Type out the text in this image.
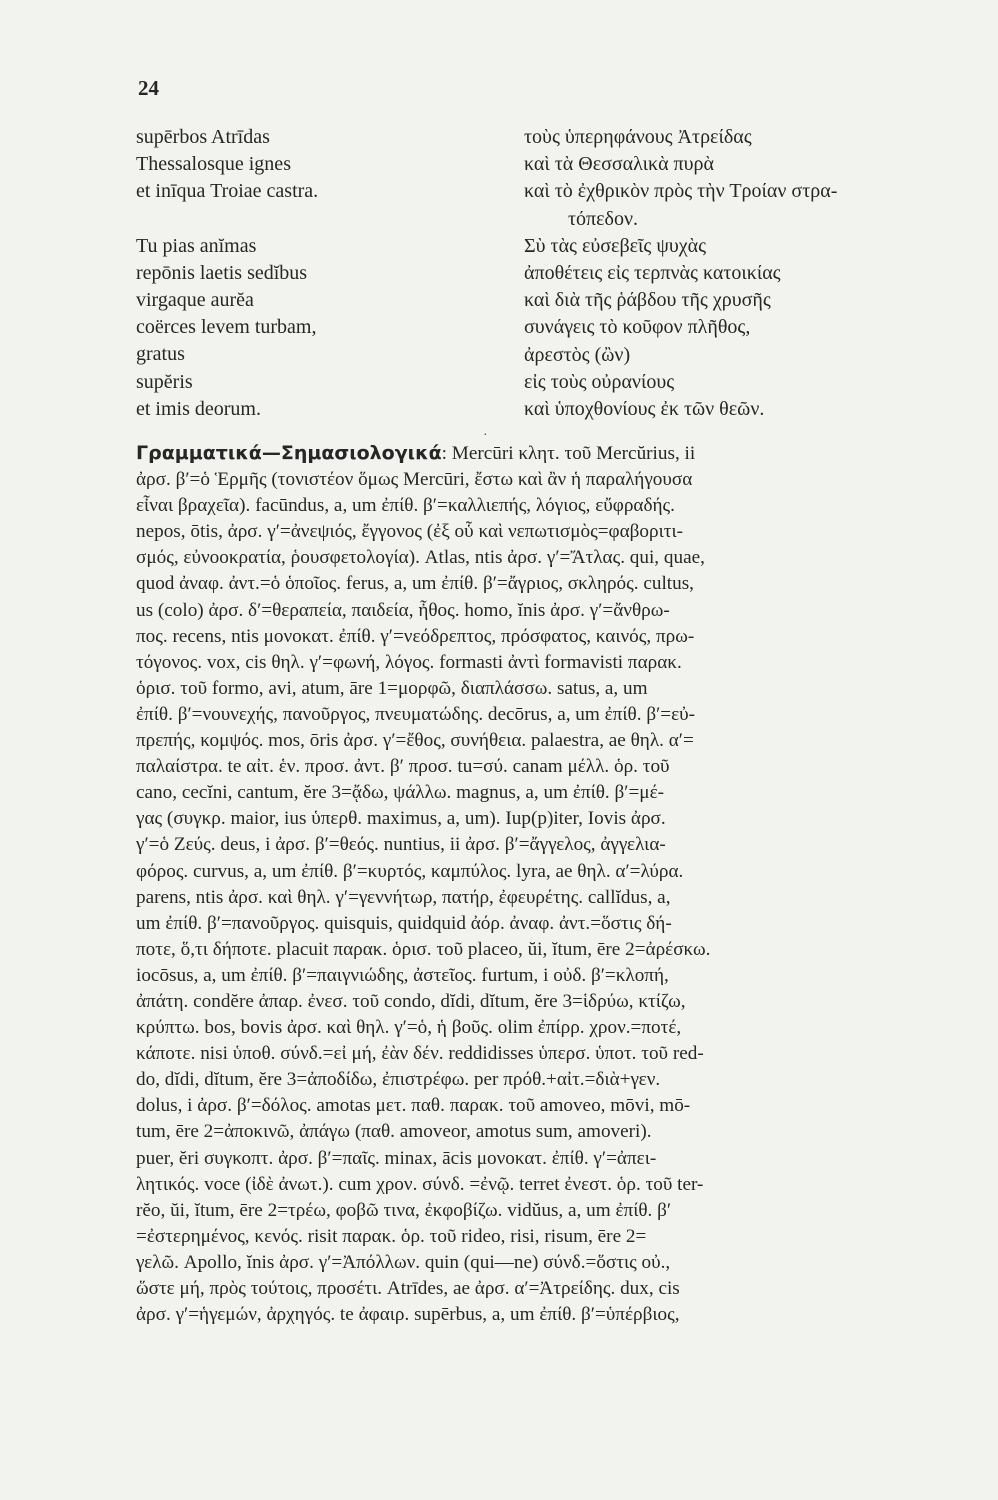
24
supērbos Atrīdas
Thessalosque ignes
et inīqua Troiae castra.
Tu pias anĭmas
repōnis laetis sedĭbus
virgaque aurĕa
coërces levem turbam,
gratus
supĕris
et imis deorum.
τοὺς ὑπερηφάνους Ἀτρείδας
καὶ τὰ Θεσσαλικὰ πυρὰ
καὶ τὸ ἐχθρικὸν πρὸς τὴν Τροίαν στρα-
τόπεδον.
Σὺ τὰς εὐσεβεῖς ψυχὰς
ἀποθέτεις εἰς τερπνὰς κατοικίας
καὶ διὰ τῆς ῥάβδου τῆς χρυσῆς
συνάγεις τὸ κοῦφον πλῆθος,
ἀρεστὸς (ὢν)
εἰς τοὺς οὐρανίους
καὶ ὑποχθονίους ἐκ τῶν θεῶν.
·
Γραμματικά—Σημασιολογικά: Mercūri κλητ. τοῦ Mercŭrius, ii
ἀρσ. β′=ὁ Ἑρμῆς (τονιστέον ὅμως Mercūri, ἔστω καὶ ἂν ἡ παραλήγουσα
εἶναι βραχεῖα). facūndus, a, um ἐπίθ. β′=καλλιεπής, λόγιος, εὔφραδής.
nepos, ōtis, ἀρσ. γ′=ἀνεψιός, ἔγγονος (ἐξ οὗ καὶ νεπωτισμὸς=φαβοριτι-
σμός, εὐνοοκρατία, ῥουσφετολογία). Atlas, ntis ἀρσ. γ′=Ἄτλας. qui, quae,
quod ἀναφ. ἀντ.=ὁ ὁποῖος. ferus, a, um ἐπίθ. β′=ἄγριος, σκληρός. cultus,
us (colo) ἀρσ. δ′=θεραπεία, παιδεία, ἦθος. homo, ĭnis ἀρσ. γ′=ἄνθρω-
πος. recens, ntis μονοκατ. ἐπίθ. γ′=νεόδρεπτος, πρόσφατος, καινός, πρω-
τόγονος. vox, cis θηλ. γ′=φωνή, λόγος. formasti ἀντὶ formavisti παρακ.
ὁρισ. τοῦ formo, avi, atum, āre 1=μορφῶ, διαπλάσσω. satus, a, um
ἐπίθ. β′=νουνεχής, πανοῦργος, πνευματώδης. decōrus, a, um ἐπίθ. β′=εὐ-
πρεπής, κομψός. mos, ōris ἀρσ. γ′=ἔθος, συνήθεια. palaestra, ae θηλ. α′=
παλαίστρα. te αἰτ. ἑν. προσ. ἀντ. β′ προσ. tu=σύ. canam μέλλ. ὁρ. τοῦ
cano, cecĭni, cantum, ĕre 3=ᾄδω, ψάλλω. magnus, a, um ἐπίθ. β′=μέ-
γας (συγκρ. maior, ius ὑπερθ. maximus, a, um). Iup(p)iter, Iovis ἀρσ.
γ′=ὁ Ζεύς. deus, i ἀρσ. β′=θεός. nuntius, ii ἀρσ. β′=ἄγγελος, ἀγγελια-
φόρος. curvus, a, um ἐπίθ. β′=κυρτός, καμπύλος. lyra, ae θηλ. α′=λύρα.
parens, ntis ἀρσ. καὶ θηλ. γ′=γεννήτωρ, πατήρ, ἐφευρέτης. callĭdus, a,
um ἐπίθ. β′=πανοῦργος. quisquis, quidquid ἀόρ. ἀναφ. ἀντ.=ὅστις δή-
ποτε, ὅ,τι δήποτε. placuit παρακ. ὁρισ. τοῦ placeo, ŭi, ĭtum, ēre 2=ἀρέσκω.
iocōsus, a, um ἐπίθ. β′=παιγνιώδης, ἀστεῖος. furtum, i οὐδ. β′=κλοπή,
ἀπάτη. condĕre ἀπαρ. ἐνεσ. τοῦ condo, dĭdi, dĭtum, ĕre 3=ἱδρύω, κτίζω,
κρύπτω. bos, bovis ἀρσ. καὶ θηλ. γ′=ὁ, ἡ βοῦς. olim ἐπίρρ. χρον.=ποτέ,
κάποτε. nisi ὑποθ. σύνδ.=εἰ μή, ἐὰν δέν. reddidisses ὑπερσ. ὑποτ. τοῦ red-
do, dĭdi, dĭtum, ĕre 3=ἀποδίδω, ἐπιστρέφω. per πρόθ.+αἰτ.=διὰ+γεν.
dolus, i ἀρσ. β′=δόλος. amotas μετ. παθ. παρακ. τοῦ amoveo, mōvi, mō-
tum, ēre 2=ἀποκινῶ, ἀπάγω (παθ. amoveor, amotus sum, amoveri).
puer, ĕri συγκοπτ. ἀρσ. β′=παῖς. minax, ācis μονοκατ. ἐπίθ. γ′=ἀπει-
λητικός. voce (ἰδὲ ἀνωτ.). cum χρον. σύνδ. =ἐνῷ. terret ἐνεστ. ὁρ. τοῦ ter-
rĕo, ŭi, ĭtum, ēre 2=τρέω, φοβῶ τινα, ἐκφοβίζω. vidŭus, a, um ἐπίθ. β′
=ἐστερημένος, κενός. risit παρακ. ὁρ. τοῦ rideo, risi, risum, ēre 2=
γελῶ. Apollo, ĭnis ἀρσ. γ′=Ἀπόλλων. quin (qui—ne) σύνδ.=ὅστις οὐ.,
ὥστε μή, πρὸς τούτοις, προσέτι. Atrīdes, ae ἀρσ. α′=Ἀτρείδης. dux, cis
ἀρσ. γ′=ἡγεμών, ἀρχηγός. te ἀφαιρ. supērbus, a, um ἐπίθ. β′=ὑπέρβιος,
